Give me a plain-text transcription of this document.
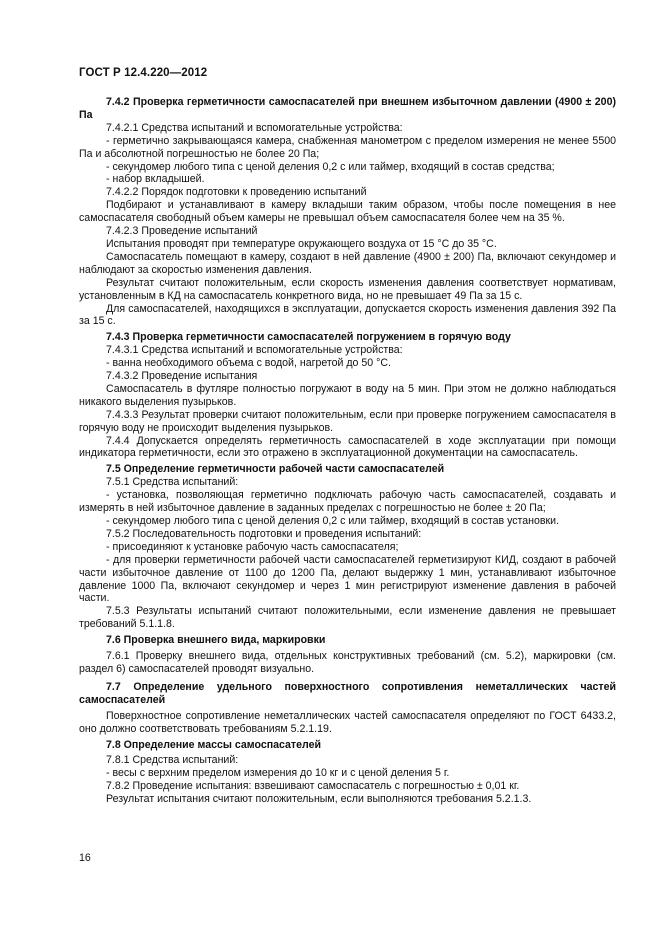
ГОСТ Р 12.4.220—2012

7.4.2 Проверка герметичности самоспасателей при внешнем избыточном давлении (4900 ± 200) Па

7.4.2.1 Средства испытаний и вспомогательные устройства:

- герметично закрывающаяся камера, снабженная манометром с пределом измерения не менее 5500 Па и абсолютной погрешностью не более 20 Па;

- секундомер любого типа с ценой деления 0,2 с или таймер, входящий в состав средства;

- набор вкладышей.

7.4.2.2 Порядок подготовки к проведению испытаний

Подбирают и устанавливают в камеру вкладыши таким образом, чтобы после помещения в нее самоспасателя свободный объем камеры не превышал объем самоспасателя более чем на 35 %.

7.4.2.3 Проведение испытаний

Испытания проводят при температуре окружающего воздуха от 15 °С до 35 °С.

Самоспасатель помещают в камеру, создают в ней давление (4900 ± 200) Па, включают секундомер и наблюдают за скоростью изменения давления.

Результат считают положительным, если скорость изменения давления соответствует нормативам, установленным в КД на самоспасатель конкретного вида, но не превышает 49 Па за 15 с.

Для самоспасателей, находящихся в эксплуатации, допускается скорость изменения давления 392 Па за 15 с.

7.4.3 Проверка герметичности самоспасателей погружением в горячую воду

7.4.3.1 Средства испытаний и вспомогательные устройства:

- ванна необходимого объема с водой, нагретой до 50 °С.

7.4.3.2 Проведение испытания

Самоспасатель в футляре полностью погружают в воду на 5 мин. При этом не должно наблюдаться никакого выделения пузырьков.

7.4.3.3 Результат проверки считают положительным, если при проверке погружением самоспасателя в горячую воду не происходит выделения пузырьков.

7.4.4 Допускается определять герметичность самоспасателей в ходе эксплуатации при помощи индикатора герметичности, если это отражено в эксплуатационной документации на самоспасатель.

7.5 Определение герметичности рабочей части самоспасателей

7.5.1 Средства испытаний:

- установка, позволяющая герметично подключать рабочую часть самоспасателей, создавать и измерять в ней избыточное давление в заданных пределах с погрешностью не более ± 20 Па;

- секундомер любого типа с ценой деления 0,2 с или таймер, входящий в состав установки.

7.5.2 Последовательность подготовки и проведения испытаний:

- присоединяют к установке рабочую часть самоспасателя;

- для проверки герметичности рабочей части самоспасателей герметизируют КИД, создают в рабочей части избыточное давление от 1100 до 1200 Па, делают выдержку 1 мин, устанавливают избыточное давление 1000 Па, включают секундомер и через 1 мин регистрируют изменение давления в рабочей части.

7.5.3 Результаты испытаний считают положительными, если изменение давления не превышает требований 5.1.1.8.

7.6 Проверка внешнего вида, маркировки

7.6.1 Проверку внешнего вида, отдельных конструктивных требований (см. 5.2), маркировки (см. раздел 6) самоспасателей проводят визуально.

7.7 Определение удельного поверхностного сопротивления неметаллических частей самоспасателей

Поверхностное сопротивление неметаллических частей самоспасателя определяют по ГОСТ 6433.2, оно должно соответствовать требованиям 5.2.1.19.

7.8 Определение массы самоспасателей

7.8.1 Средства испытаний:

- весы с верхним пределом измерения до 10 кг и с ценой деления 5 г.

7.8.2 Проведение испытания: взвешивают самоспасатель с погрешностью ± 0,01 кг.

Результат испытания считают положительным, если выполняются требования 5.2.1.3.

16
